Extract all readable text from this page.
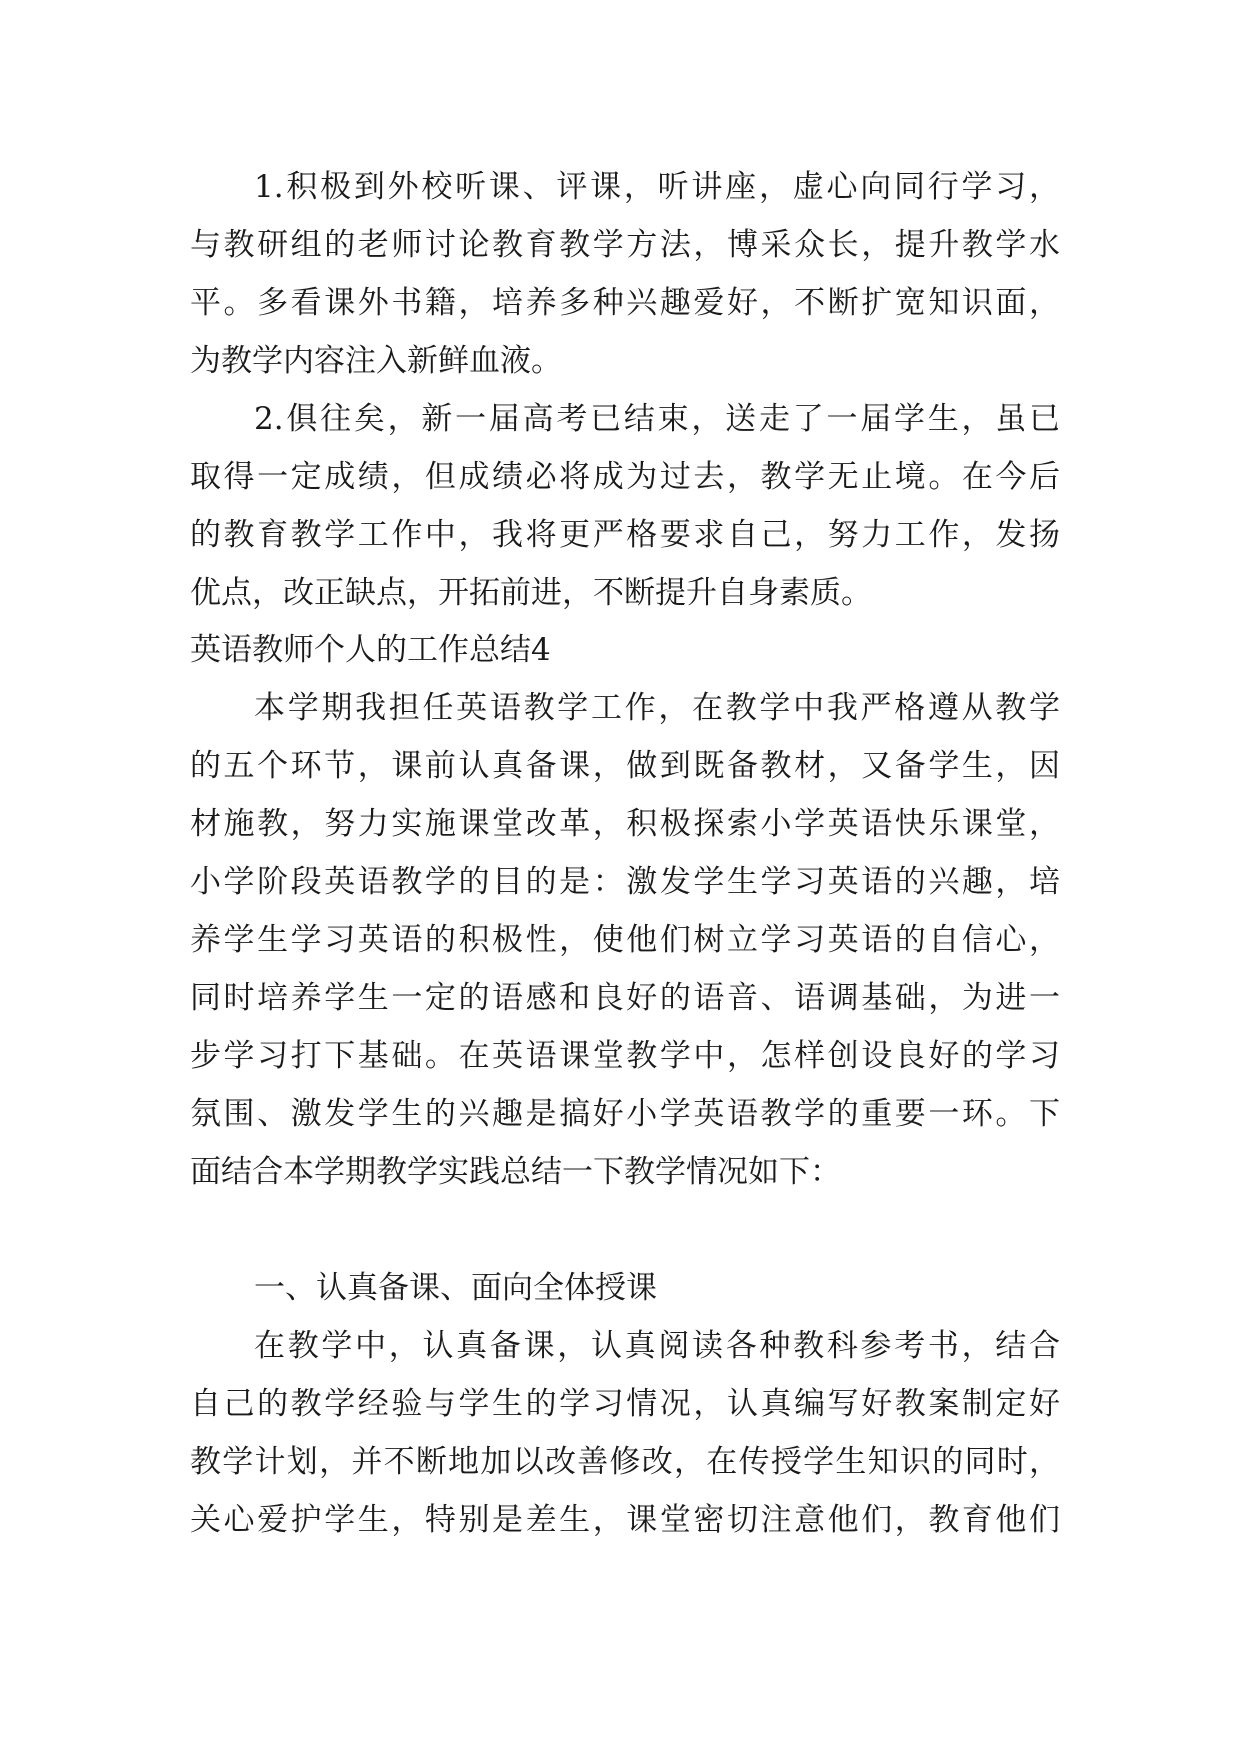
1.积极到外校听课、评课，听讲座，虚心向同行学习，
与教研组的老师讨论教育教学方法，博采众长，提升教学水
平。多看课外书籍，培养多种兴趣爱好，不断扩宽知识面，
为教学内容注入新鲜血液。
2.俱往矣，新一届高考已结束，送走了一届学生，虽已
取得一定成绩，但成绩必将成为过去，教学无止境。在今后
的教育教学工作中，我将更严格要求自己，努力工作，发扬
优点，改正缺点，开拓前进，不断提升自身素质。
英语教师个人的工作总结4
本学期我担任英语教学工作，在教学中我严格遵从教学
的五个环节，课前认真备课，做到既备教材，又备学生，因
材施教，努力实施课堂改革，积极探索小学英语快乐课堂，
小学阶段英语教学的目的是：激发学生学习英语的兴趣，培
养学生学习英语的积极性，使他们树立学习英语的自信心，
同时培养学生一定的语感和良好的语音、语调基础，为进一
步学习打下基础。在英语课堂教学中，怎样创设良好的学习
氛围、激发学生的兴趣是搞好小学英语教学的重要一环。下
面结合本学期教学实践总结一下教学情况如下：
一、认真备课、面向全体授课
在教学中，认真备课，认真阅读各种教科参考书，结合
自己的教学经验与学生的学习情况，认真编写好教案制定好
教学计划，并不断地加以改善修改，在传授学生知识的同时，
关心爱护学生，特别是差生，课堂密切注意他们，教育他们
